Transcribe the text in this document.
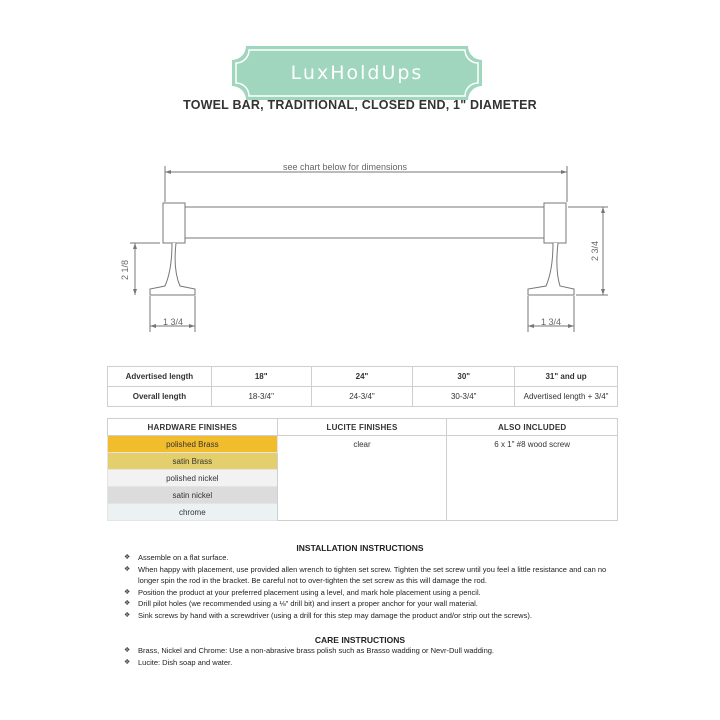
LuxHoldUps
TOWEL BAR, TRADITIONAL, CLOSED END, 1" DIAMETER
see chart below for dimensions
2 1/8
2 3/4
1 3/4	1 3/4
Advertised length	18"	24"	30"	31" and up
Overall length	18-3/4"	24-3/4"	30-3/4"	Advertised length + 3/4"
HARDWARE FINISHES	LUCITE FINISHES	ALSO INCLUDED
polished Brass	clear	6 x 1" #8 wood screw
satin Brass		
polished nickel		
satin nickel		
chrome		
INSTALLATION INSTRUCTIONS
❖ Assemble on a flat surface.
❖ When happy with placement, use provided allen wrench to tighten set screw. Tighten the set screw until you feel a little resistance and can no longer spin the rod in the bracket. Be careful not to over-tighten the set screw as this will damage the rod.
❖ Position the product at your preferred placement using a level, and mark hole placement using a pencil.
❖ Drill pilot holes (we recommended using a ⅛" drill bit) and insert a proper anchor for your wall material.
❖ Sink screws by hand with a screwdriver (using a drill for this step may damage the product and/or strip out the screws).
CARE INSTRUCTIONS
❖ Brass, Nickel and Chrome: Use a non-abrasive brass polish such as Brasso wadding or Nevr-Dull wadding.
❖ Lucite: Dish soap and water.
